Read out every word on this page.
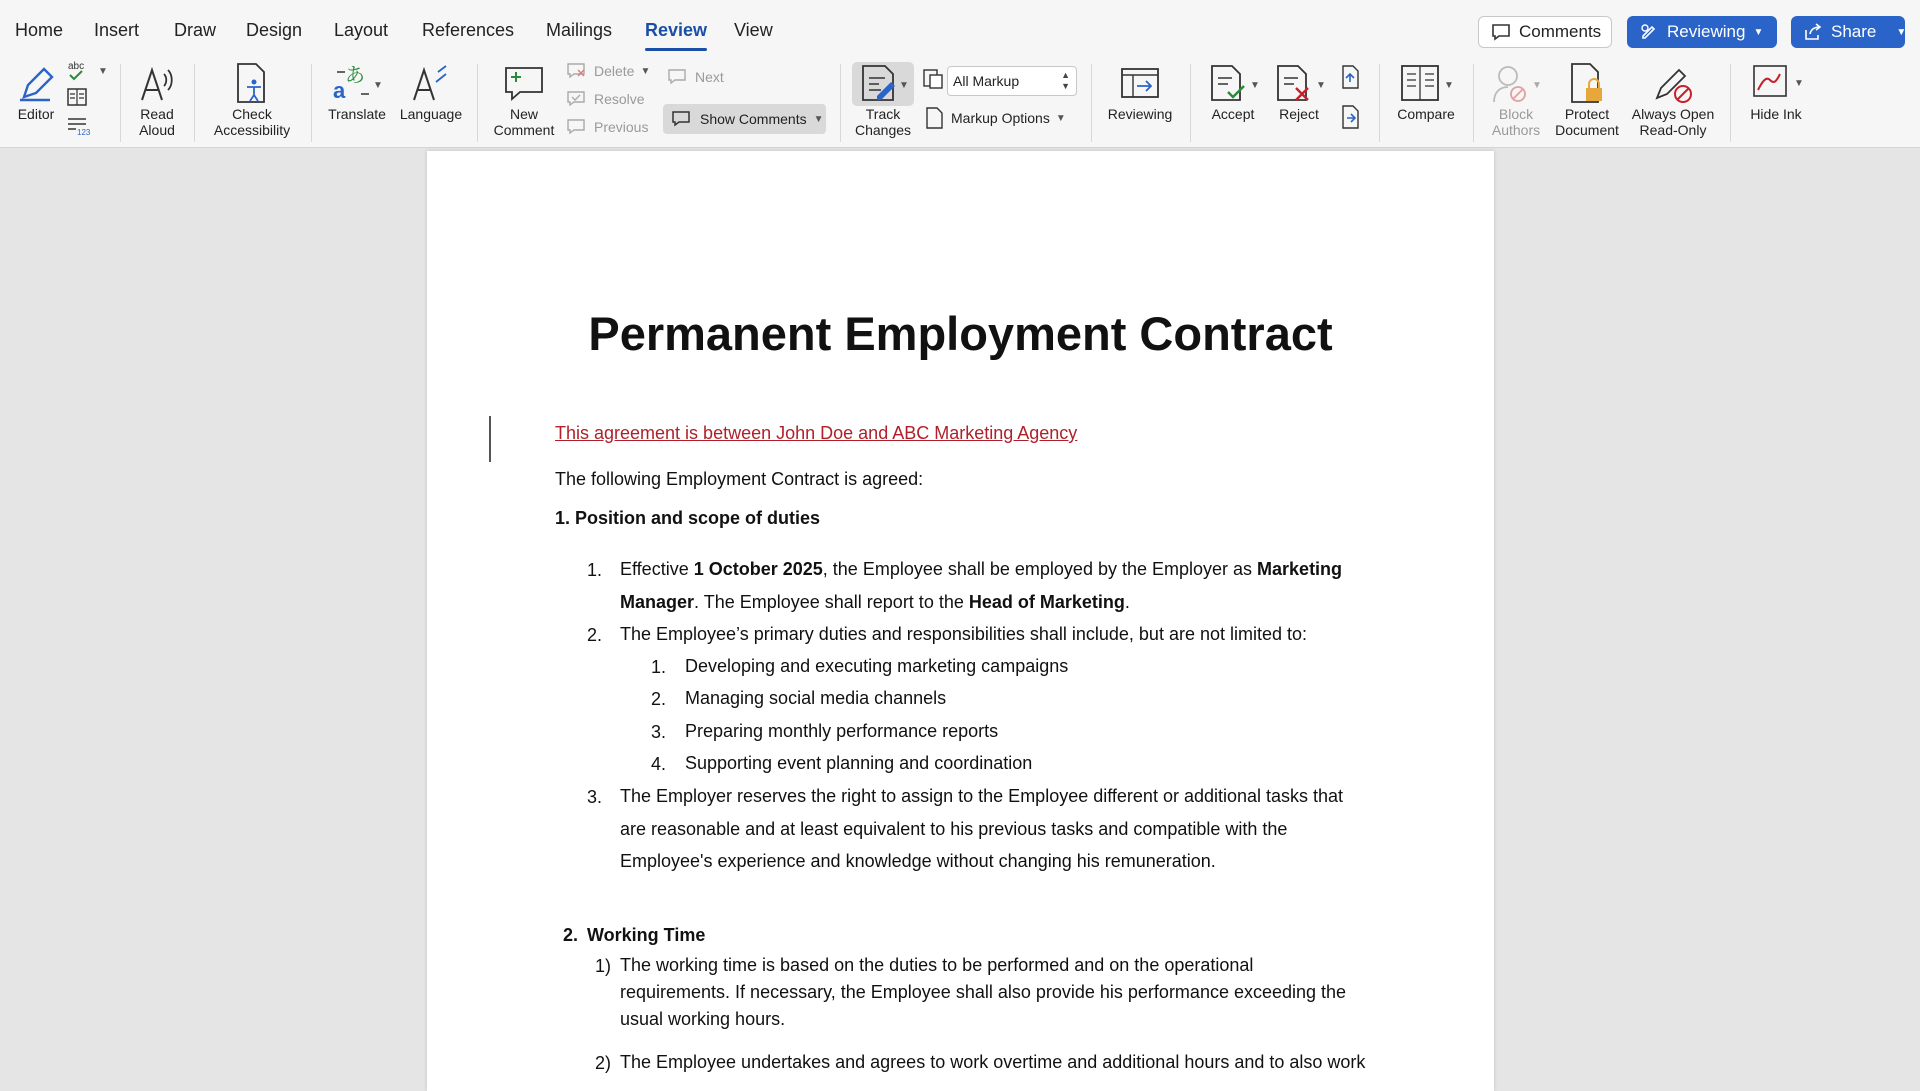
Home Insert Draw Design Layout References Mailings Review View	Comments	Reviewing ▼	Share ▼
Editor
abc ▼
123
Read
Aloud
Check
Accessibility
a
あ ▼
Translate Language	New
Comment
Delete ▼
Resolve
Previous
Next
Show Comments ▼
▼
Track
Changes
All Markup	▲
▼
Markup Options ▼	Reviewing
▼
Accept
▼
Reject
▼
Compare
▼
Block
Authors
Protect
Document
Always Open
Read-Only
▼
Hide Ink
Permanent Employment Contract
This agreement is between John Doe and ABC Marketing Agency
The following Employment Contract is agreed:
1. Position and scope of duties
1. Effective 1 October 2025, the Employee shall be employed by the Employer as Marketing Manager. The Employee shall report to the Head of Marketing.
2. The Employee’s primary duties and responsibilities shall include, but are not limited to:
1. Developing and executing marketing campaigns
2. Managing social media channels
3. Preparing monthly performance reports
4. Supporting event planning and coordination
3. The Employer reserves the right to assign to the Employee different or additional tasks that are reasonable and at least equivalent to his previous tasks and compatible with the Employee's experience and knowledge without changing his remuneration.
2. Working Time
1) The working time is based on the duties to be performed and on the operational requirements. If necessary, the Employee shall also provide his performance exceeding the usual working hours.
2) The Employee undertakes and agrees to work overtime and additional hours and to also work
